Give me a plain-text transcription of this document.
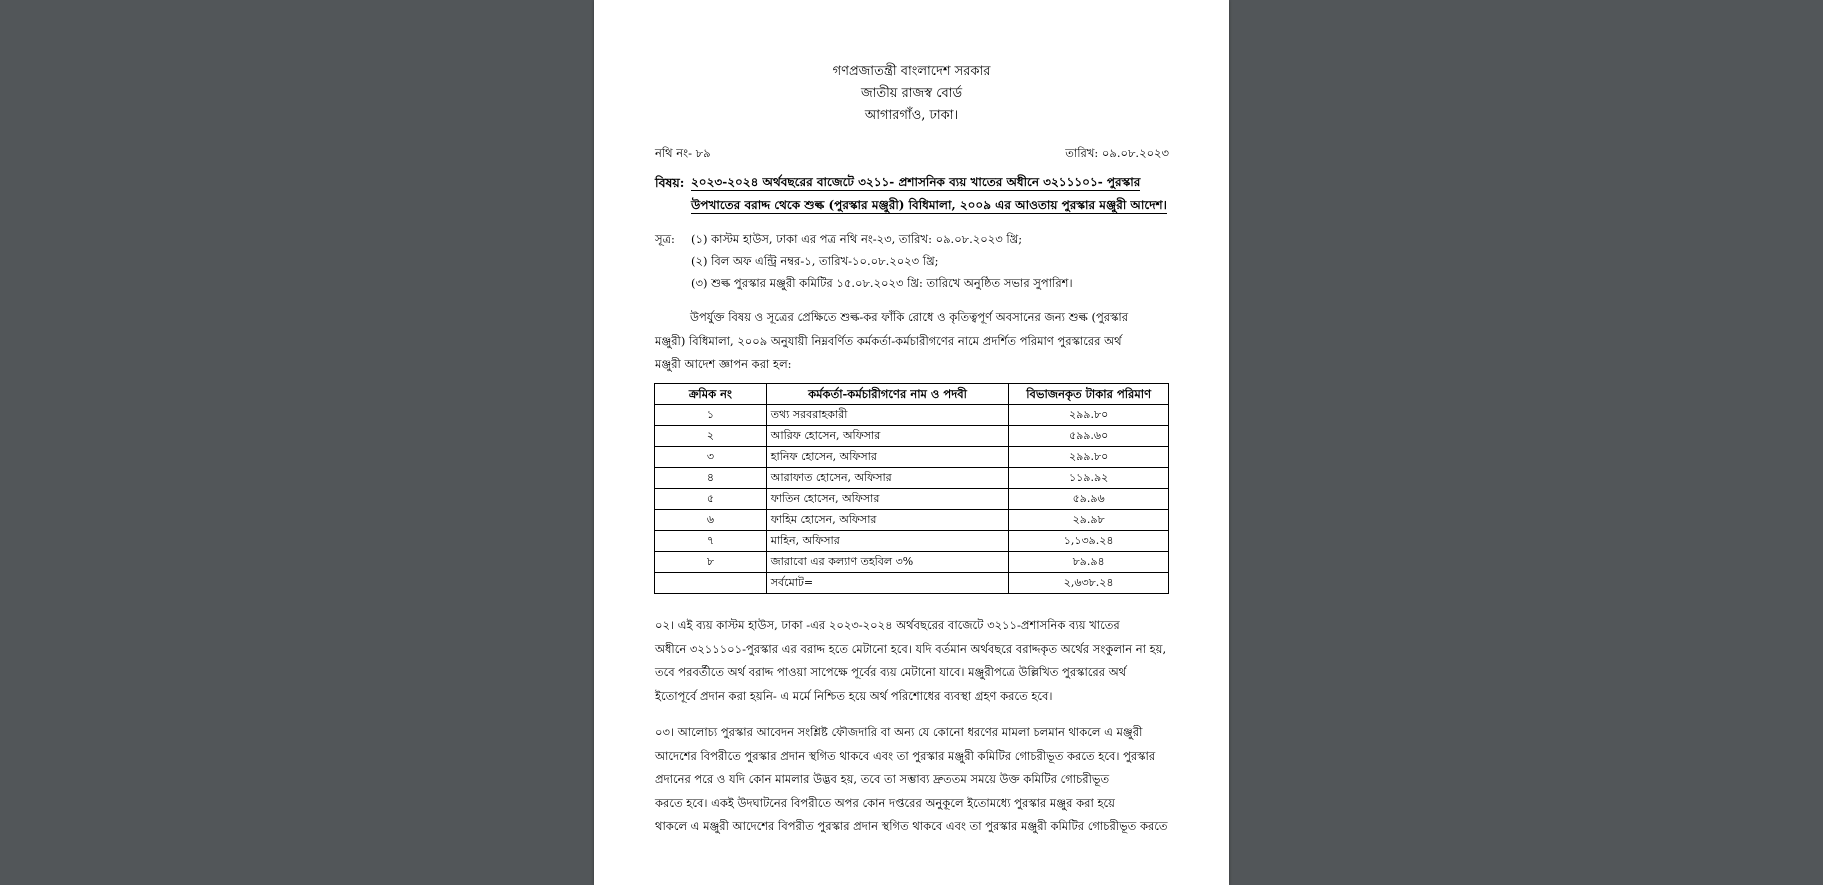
গণপ্রজাতন্ত্রী বাংলাদেশ সরকার
জাতীয় রাজস্ব বোর্ড
আগারগাঁও, ঢাকা।
নথি নং- ৮৯	তারিখ: ০৯.০৮.২০২৩
বিষয়: ২০২৩-২০২৪ অর্থবছরের বাজেটে ৩২১১- প্রশাসনিক ব্যয় খাতের অধীনে ৩২১১১০১- পুরস্কার
উপখাতের বরাদ্দ থেকে শুল্ক (পুরস্কার মঞ্জুরী) বিধিমালা, ২০০৯ এর আওতায় পুরস্কার মঞ্জুরী আদেশ।
সূত্র: (১) কাস্টম হাউস, ঢাকা এর পত্র নথি নং-২৩, তারিখ: ০৯.০৮.২০২৩ খ্রি;
(২) বিল অফ এন্ট্রি নম্বর-১, তারিখ-১০.০৮.২০২৩ খ্রি;
(৩) শুল্ক পুরস্কার মঞ্জুরী কমিটির ১৫.০৮.২০২৩ খ্রি: তারিখে অনুষ্ঠিত সভার সুপারিশ।

উপর্যুক্ত বিষয় ও সূত্রের প্রেক্ষিতে শুল্ক-কর ফাঁকি রোধে ও কৃতিত্বপূর্ণ অবসানের জন্য শুল্ক (পুরস্কার

মঞ্জুরী) বিধিমালা, ২০০৯ অনুযায়ী নিম্নবর্ণিত কর্মকর্তা-কর্মচারীগণের নামে প্রদর্শিত পরিমাণ পুরস্কারের অর্থ

মঞ্জুরী আদেশ জ্ঞাপন করা হল:

ক্রমিক নং	কর্মকর্তা-কর্মচারীগণের নাম ও পদবী	বিভাজনকৃত টাকার পরিমাণ
১	তথ্য সরবরাহকারী	২৯৯.৮০
২	আরিফ হোসেন, অফিসার	৫৯৯.৬০
৩	হানিফ হোসেন, অফিসার	২৯৯.৮০
৪	আরাফাত হোসেন, অফিসার	১১৯.৯২
৫	ফাতিন হোসেন, অফিসার	৫৯.৯৬
৬	ফাহিম হোসেন, অফিসার	২৯.৯৮
৭	মাহিন, অফিসার	১,১৩৯.২৪
৮	জারাবো এর কল্যাণ তহবিল ৩%	৮৯.৯৪
	সর্বমোট=	২,৬৩৮.২৪

০২। এই ব্যয় কাস্টম হাউস, ঢাকা -এর ২০২৩-২০২৪ অর্থবছরের বাজেটে ৩২১১-প্রশাসনিক ব্যয় খাতের

অধীনে ৩২১১১০১-পুরস্কার এর বরাদ্দ হতে মেটানো হবে। যদি বর্তমান অর্থবছরে বরাদ্দকৃত অর্থের সংকুলান না হয়,

তবে পরবর্তীতে অর্থ বরাদ্দ পাওয়া সাপেক্ষে পূর্বের ব্যয় মেটানো যাবে। মঞ্জুরীপত্রে উল্লিখিত পুরস্কারের অর্থ

ইতোপূর্বে প্রদান করা হয়নি- এ মর্মে নিশ্চিত হয়ে অর্থ পরিশোধের ব্যবস্থা গ্রহণ করতে হবে।

০৩। আলোচ্য পুরস্কার আবেদন সংশ্লিষ্ট ফৌজদারি বা অন্য যে কোনো ধরণের মামলা চলমান থাকলে এ মঞ্জুরী

আদেশের বিপরীতে পুরস্কার প্রদান স্থগিত থাকবে এবং তা পুরস্কার মঞ্জুরী কমিটির গোচরীভূত করতে হবে। পুরস্কার

প্রদানের পরে ও যদি কোন মামলার উদ্ভব হয়, তবে তা সম্ভাব্য দ্রুততম সময়ে উক্ত কমিটির গোচরীভূত

করতে হবে। একই উদঘাটনের বিপরীতে অপর কোন দপ্তরের অনুকূলে ইতোমধ্যে পুরস্কার মঞ্জুর করা হয়ে

থাকলে এ মঞ্জুরী আদেশের বিপরীত পুরস্কার প্রদান স্থগিত থাকবে এবং তা পুরস্কার মঞ্জুরী কমিটির গোচরীভূত করতে
